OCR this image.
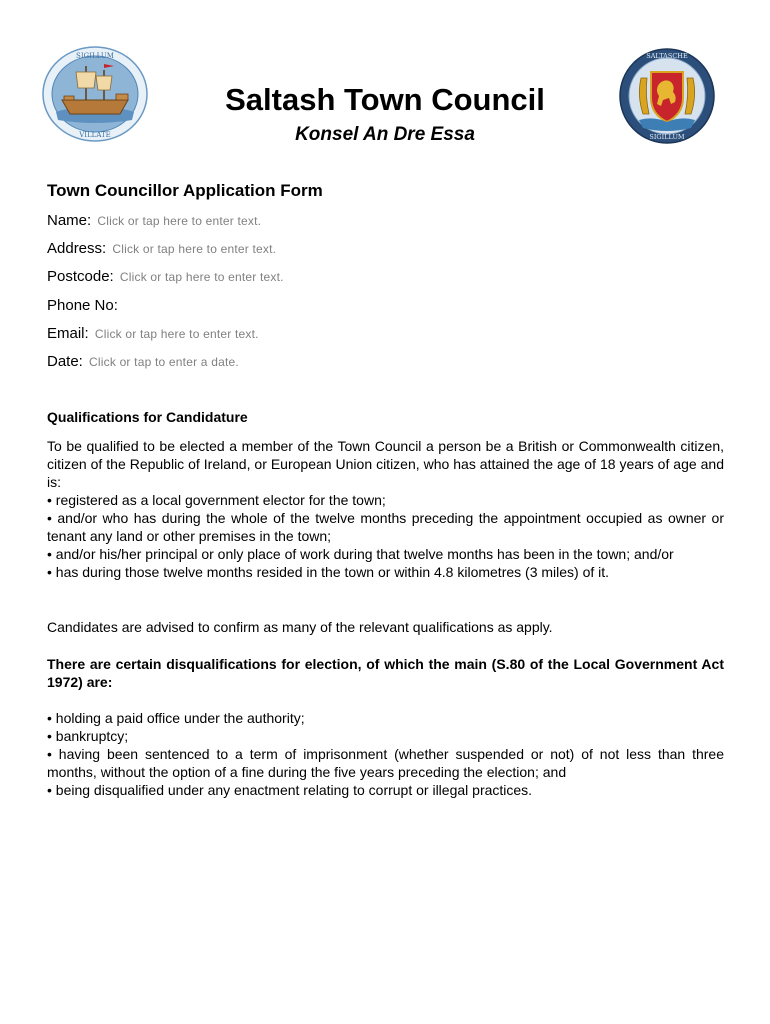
SIGILLUM
VILLATE
SALTASCHE
SIGILLUM
Saltash Town Council
Konsel An Dre Essa
Town Councillor Application Form
Name: Click or tap here to enter text.
Address: Click or tap here to enter text.
Postcode: Click or tap here to enter text.
Phone No:
Email: Click or tap here to enter text.
Date: Click or tap to enter a date.
Qualifications for Candidature
To be qualified to be elected a member of the Town Council a person be a British or Commonwealth citizen, citizen of the Republic of Ireland, or European Union citizen, who has attained the age of 18 years of age and is:
• registered as a local government elector for the town;
• and/or who has during the whole of the twelve months preceding the appointment occupied as owner or tenant any land or other premises in the town;
• and/or his/her principal or only place of work during that twelve months has been in the town; and/or
• has during those twelve months resided in the town or within 4.8 kilometres (3 miles) of it.
Candidates are advised to confirm as many of the relevant qualifications as apply.
There are certain disqualifications for election, of which the main (S.80 of the Local Government Act 1972) are:
• holding a paid office under the authority;
• bankruptcy;
• having been sentenced to a term of imprisonment (whether suspended or not) of not less than three months, without the option of a fine during the five years preceding the election; and
• being disqualified under any enactment relating to corrupt or illegal practices.
